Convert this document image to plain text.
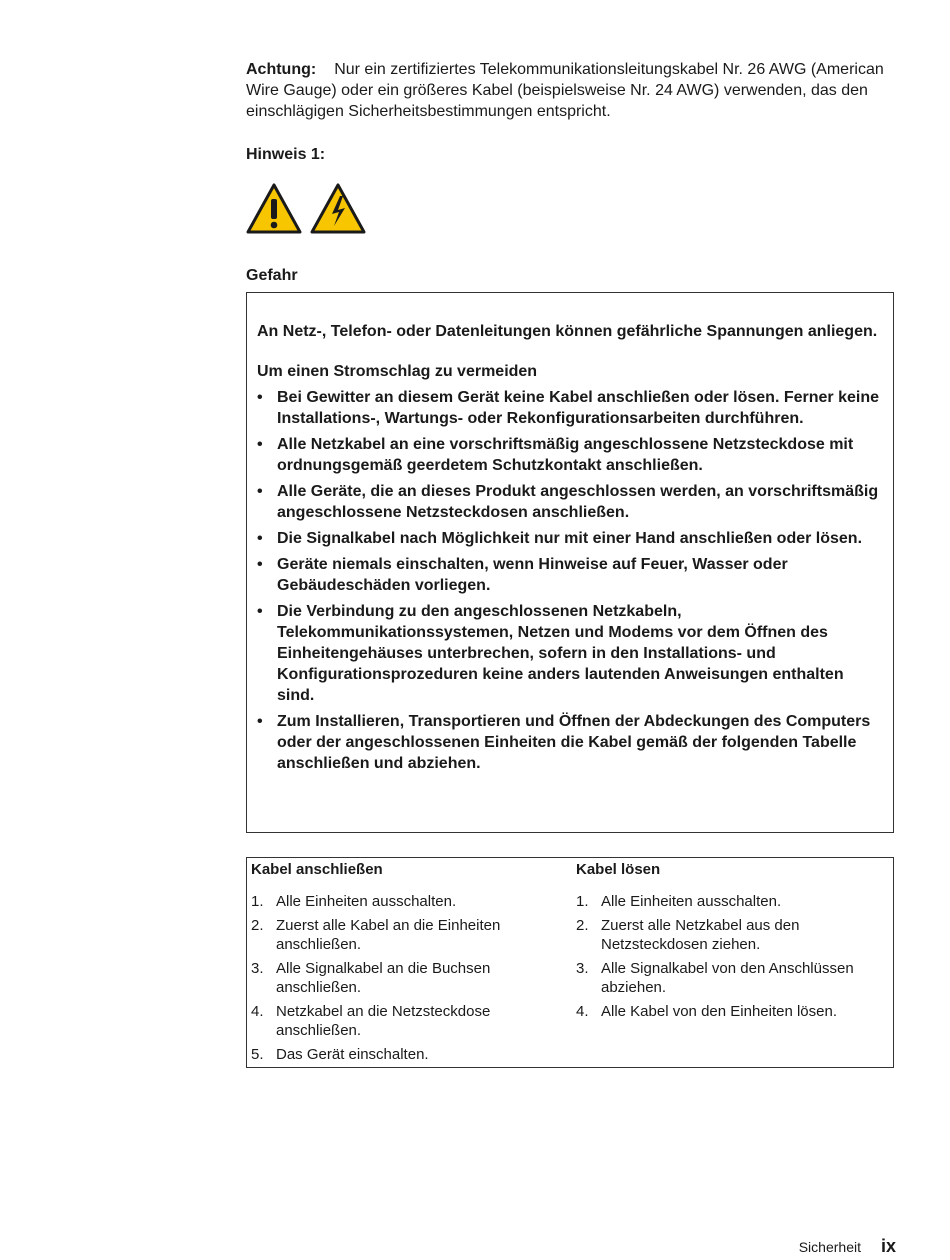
Achtung: Nur ein zertifiziertes Telekommunikationsleitungskabel Nr. 26 AWG (American Wire Gauge) oder ein größeres Kabel (beispielsweise Nr. 24 AWG) verwenden, das den einschlägigen Sicherheitsbestimmungen entspricht.

Hinweis 1:

Gefahr

An Netz-, Telefon- oder Datenleitungen können gefährliche Spannungen anliegen.

Um einen Stromschlag zu vermeiden

• Bei Gewitter an diesem Gerät keine Kabel anschließen oder lösen. Ferner keine Installations-, Wartungs- oder Rekonfigurationsarbeiten durchführen.
• Alle Netzkabel an eine vorschriftsmäßig angeschlossene Netzsteckdose mit ordnungsgemäß geerdetem Schutzkontakt anschließen.
• Alle Geräte, die an dieses Produkt angeschlossen werden, an vorschriftsmäßig angeschlossene Netzsteckdosen anschließen.
• Die Signalkabel nach Möglichkeit nur mit einer Hand anschließen oder lösen.
• Geräte niemals einschalten, wenn Hinweise auf Feuer, Wasser oder Gebäudeschäden vorliegen.
• Die Verbindung zu den angeschlossenen Netzkabeln, Telekommunikationssystemen, Netzen und Modems vor dem Öffnen des Einheitengehäuses unterbrechen, sofern in den Installations- und Konfigurationsprozeduren keine anders lautenden Anweisungen enthalten sind.
• Zum Installieren, Transportieren und Öffnen der Abdeckungen des Computers oder der angeschlossenen Einheiten die Kabel gemäß der folgenden Tabelle anschließen und abziehen.
Kabel anschließen
1. Alle Einheiten ausschalten.
2. Zuerst alle Kabel an die Einheiten anschließen.
3. Alle Signalkabel an die Buchsen anschließen.
4. Netzkabel an die Netzsteckdose anschließen.
5. Das Gerät einschalten.
Kabel lösen
1. Alle Einheiten ausschalten.
2. Zuerst alle Netzkabel aus den Netzsteckdosen ziehen.
3. Alle Signalkabel von den Anschlüssen abziehen.
4. Alle Kabel von den Einheiten lösen.
Sicherheit ix
